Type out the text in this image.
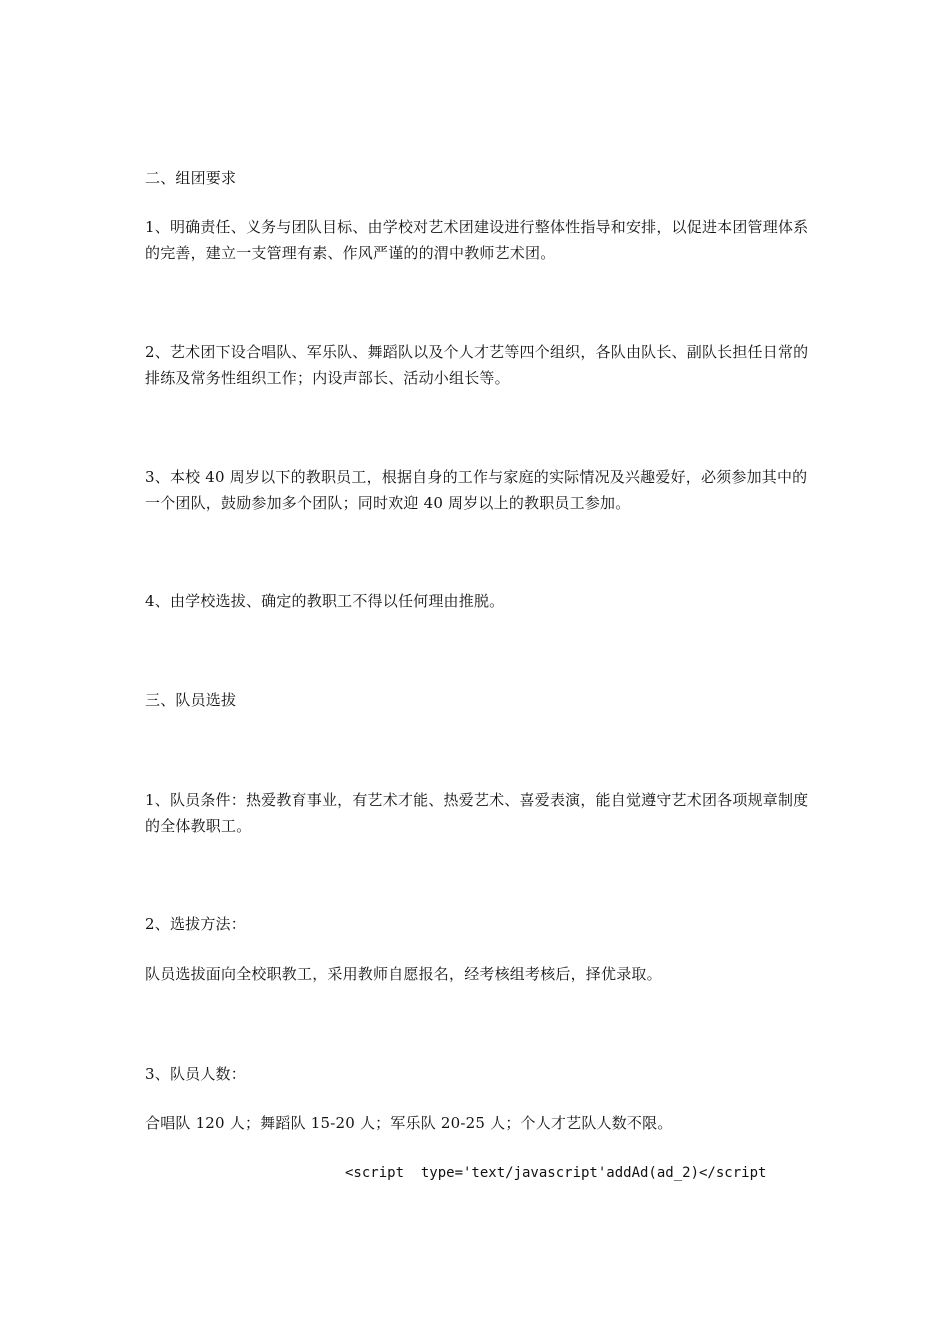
二、组团要求
1、明确责任、义务与团队目标、由学校对艺术团建设进行整体性指导和安排，以促进本团管理体系的完善，建立一支管理有素、作风严谨的的渭中教师艺术团。
2、艺术团下设合唱队、军乐队、舞蹈队以及个人才艺等四个组织，各队由队长、副队长担任日常的排练及常务性组织工作；内设声部长、活动小组长等。
3、本校 40 周岁以下的教职员工，根据自身的工作与家庭的实际情况及兴趣爱好，必须参加其中的一个团队，鼓励参加多个团队；同时欢迎 40 周岁以上的教职员工参加。
4、由学校选拔、确定的教职工不得以任何理由推脱。
三、队员选拔
1、队员条件：热爱教育事业，有艺术才能、热爱艺术、喜爱表演，能自觉遵守艺术团各项规章制度的全体教职工。
2、选拔方法：
队员选拔面向全校职教工，采用教师自愿报名，经考核组考核后，择优录取。
3、队员人数：
合唱队 120 人；舞蹈队 15-20 人；军乐队 20-25 人；个人才艺队人数不限。
<script  type='text/javascript'addAd(ad_2)</script
